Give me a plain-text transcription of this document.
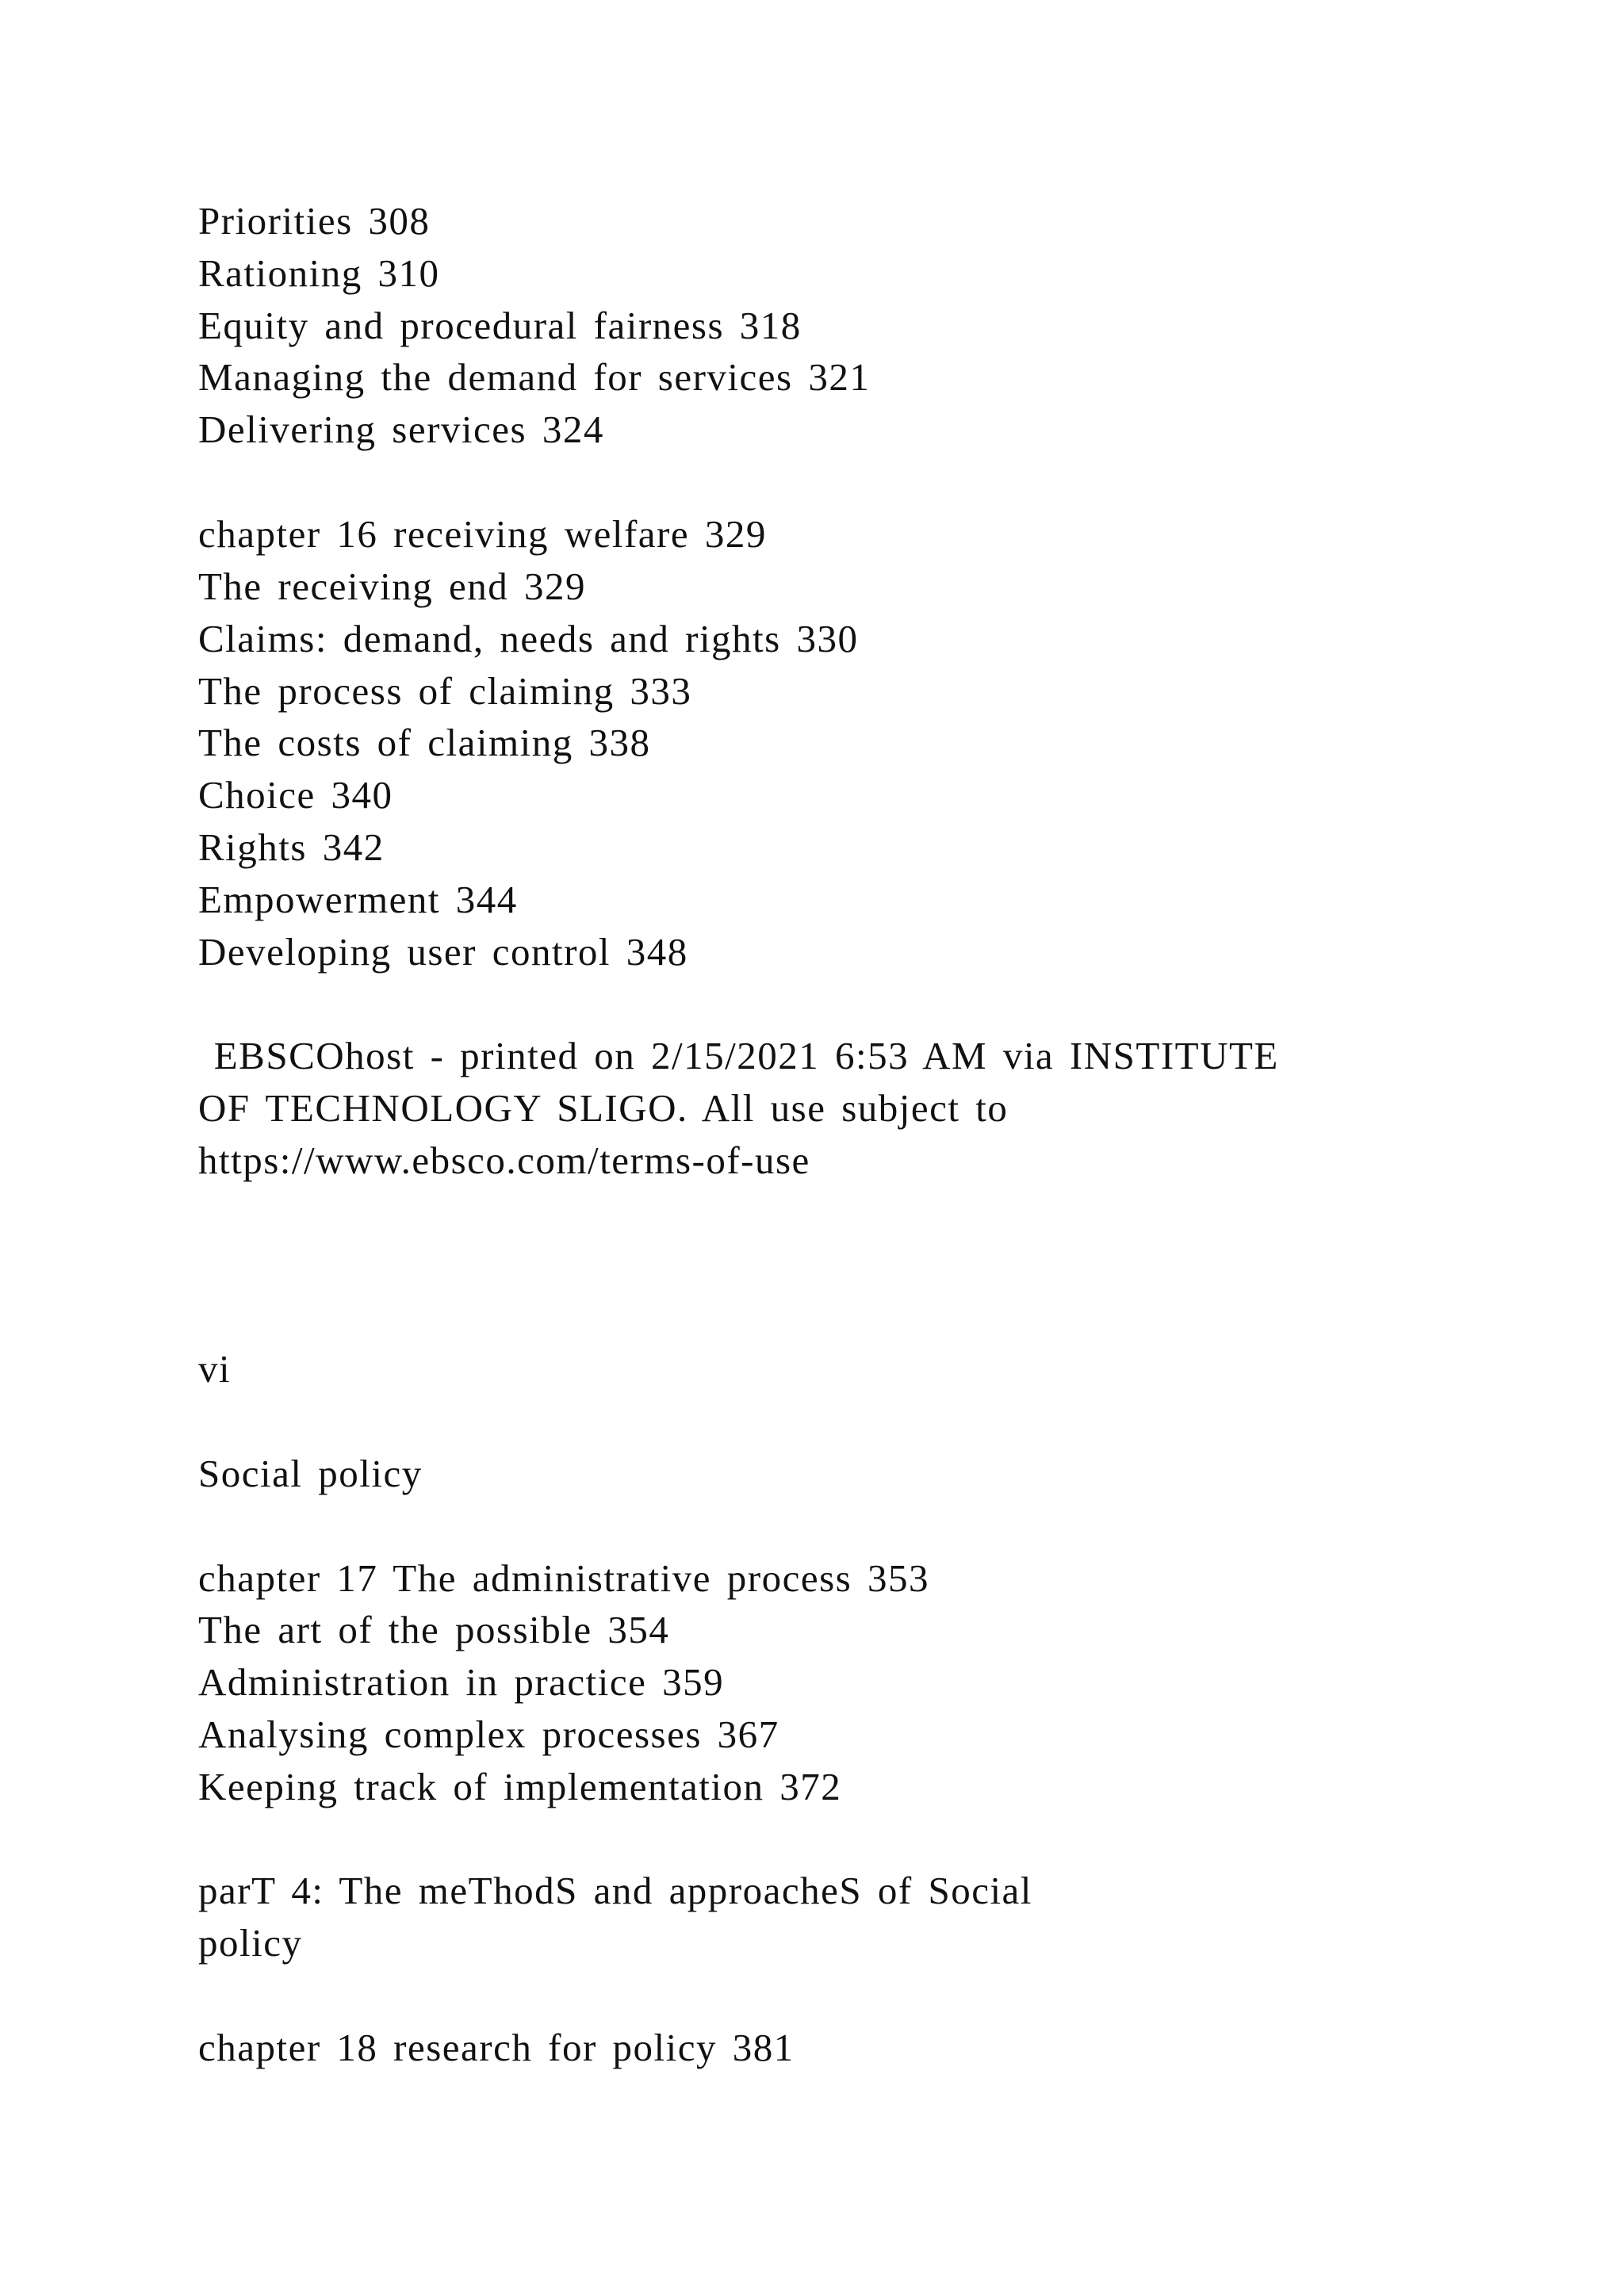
Priorities 308
Rationing 310
Equity and procedural fairness 318
Managing the demand for services 321
Delivering services 324
chapter 16 receiving welfare 329
The receiving end 329
Claims: demand, needs and rights 330
The process of claiming 333
The costs of claiming 338
Choice 340
Rights 342
Empowerment 344
Developing user control 348
EBSCOhost - printed on 2/15/2021 6:53 AM via INSTITUTE
OF TECHNOLOGY SLIGO. All use subject to
https://www.ebsco.com/terms-of-use
vi
Social policy
chapter 17 The administrative process 353
The art of the possible 354
Administration in practice 359
Analysing complex processes 367
Keeping track of implementation 372
parT 4: The meThodS and approacheS of Social
policy
chapter 18 research for policy 381
